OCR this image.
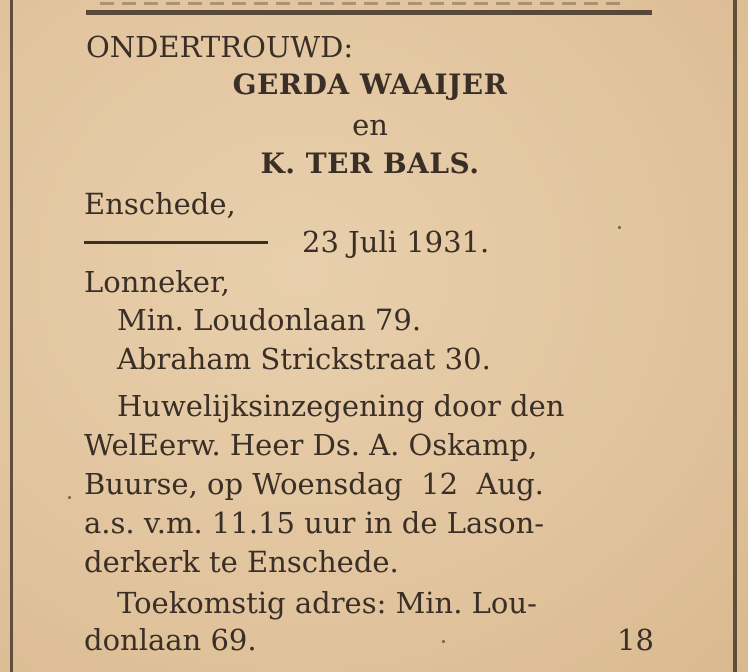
ONDERTROUWD:
GERDA WAAIJER
en
K. TER BALS.
Enschede,
23 Juli 1931.
Lonneker,
Min. Loudonlaan 79.
Abraham Strickstraat 30.
Huwelijksinzegening door den
WelEerw. Heer Ds. A. Oskamp,
Buurse, op Woensdag  12  Aug.
a.s. v.m. 11.15 uur in de Lason-
derkerk te Enschede.
Toekomstig adres: Min. Lou-
donlaan 69.	18
